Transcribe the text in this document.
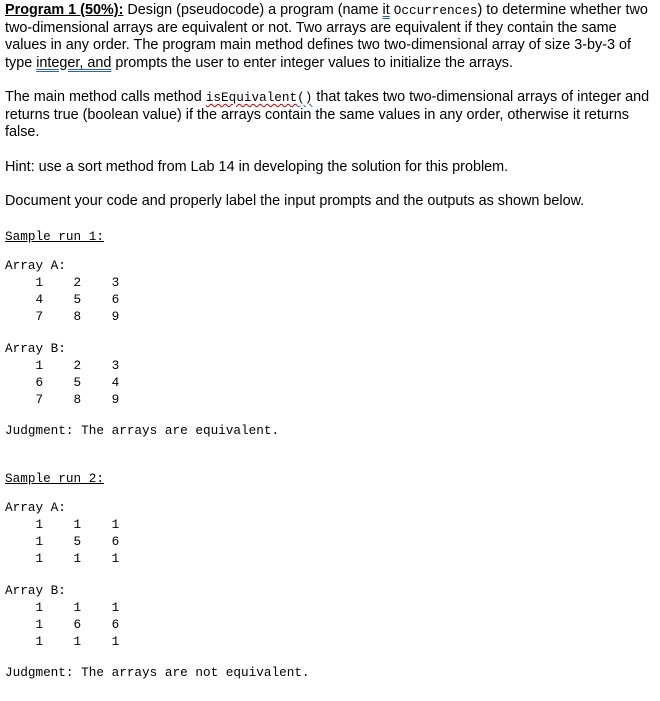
Program 1 (50%): Design (pseudocode) a program (name it Occurrences) to determine whether two two-dimensional arrays are equivalent or not. Two arrays are equivalent if they contain the same values in any order. The program main method defines two two-dimensional array of size 3-by-3 of type integer, and prompts the user to enter integer values to initialize the arrays.

The main method calls method isEquivalent() that takes two two-dimensional arrays of integer and returns true (boolean value) if the arrays contain the same values in any order, otherwise it returns false.

Hint: use a sort method from Lab 14 in developing the solution for this problem.

Document your code and properly label the input prompts and the outputs as shown below.

Sample run 1:

Array A:

1    2    3

4    5    6

7    8    9

Array B:

1    2    3

6    5    4

7    8    9

Judgment: The arrays are equivalent.

Sample run 2:

Array A:

1    1    1

1    5    6

1    1    1

Array B:

1    1    1

1    6    6

1    1    1

Judgment: The arrays are not equivalent.
